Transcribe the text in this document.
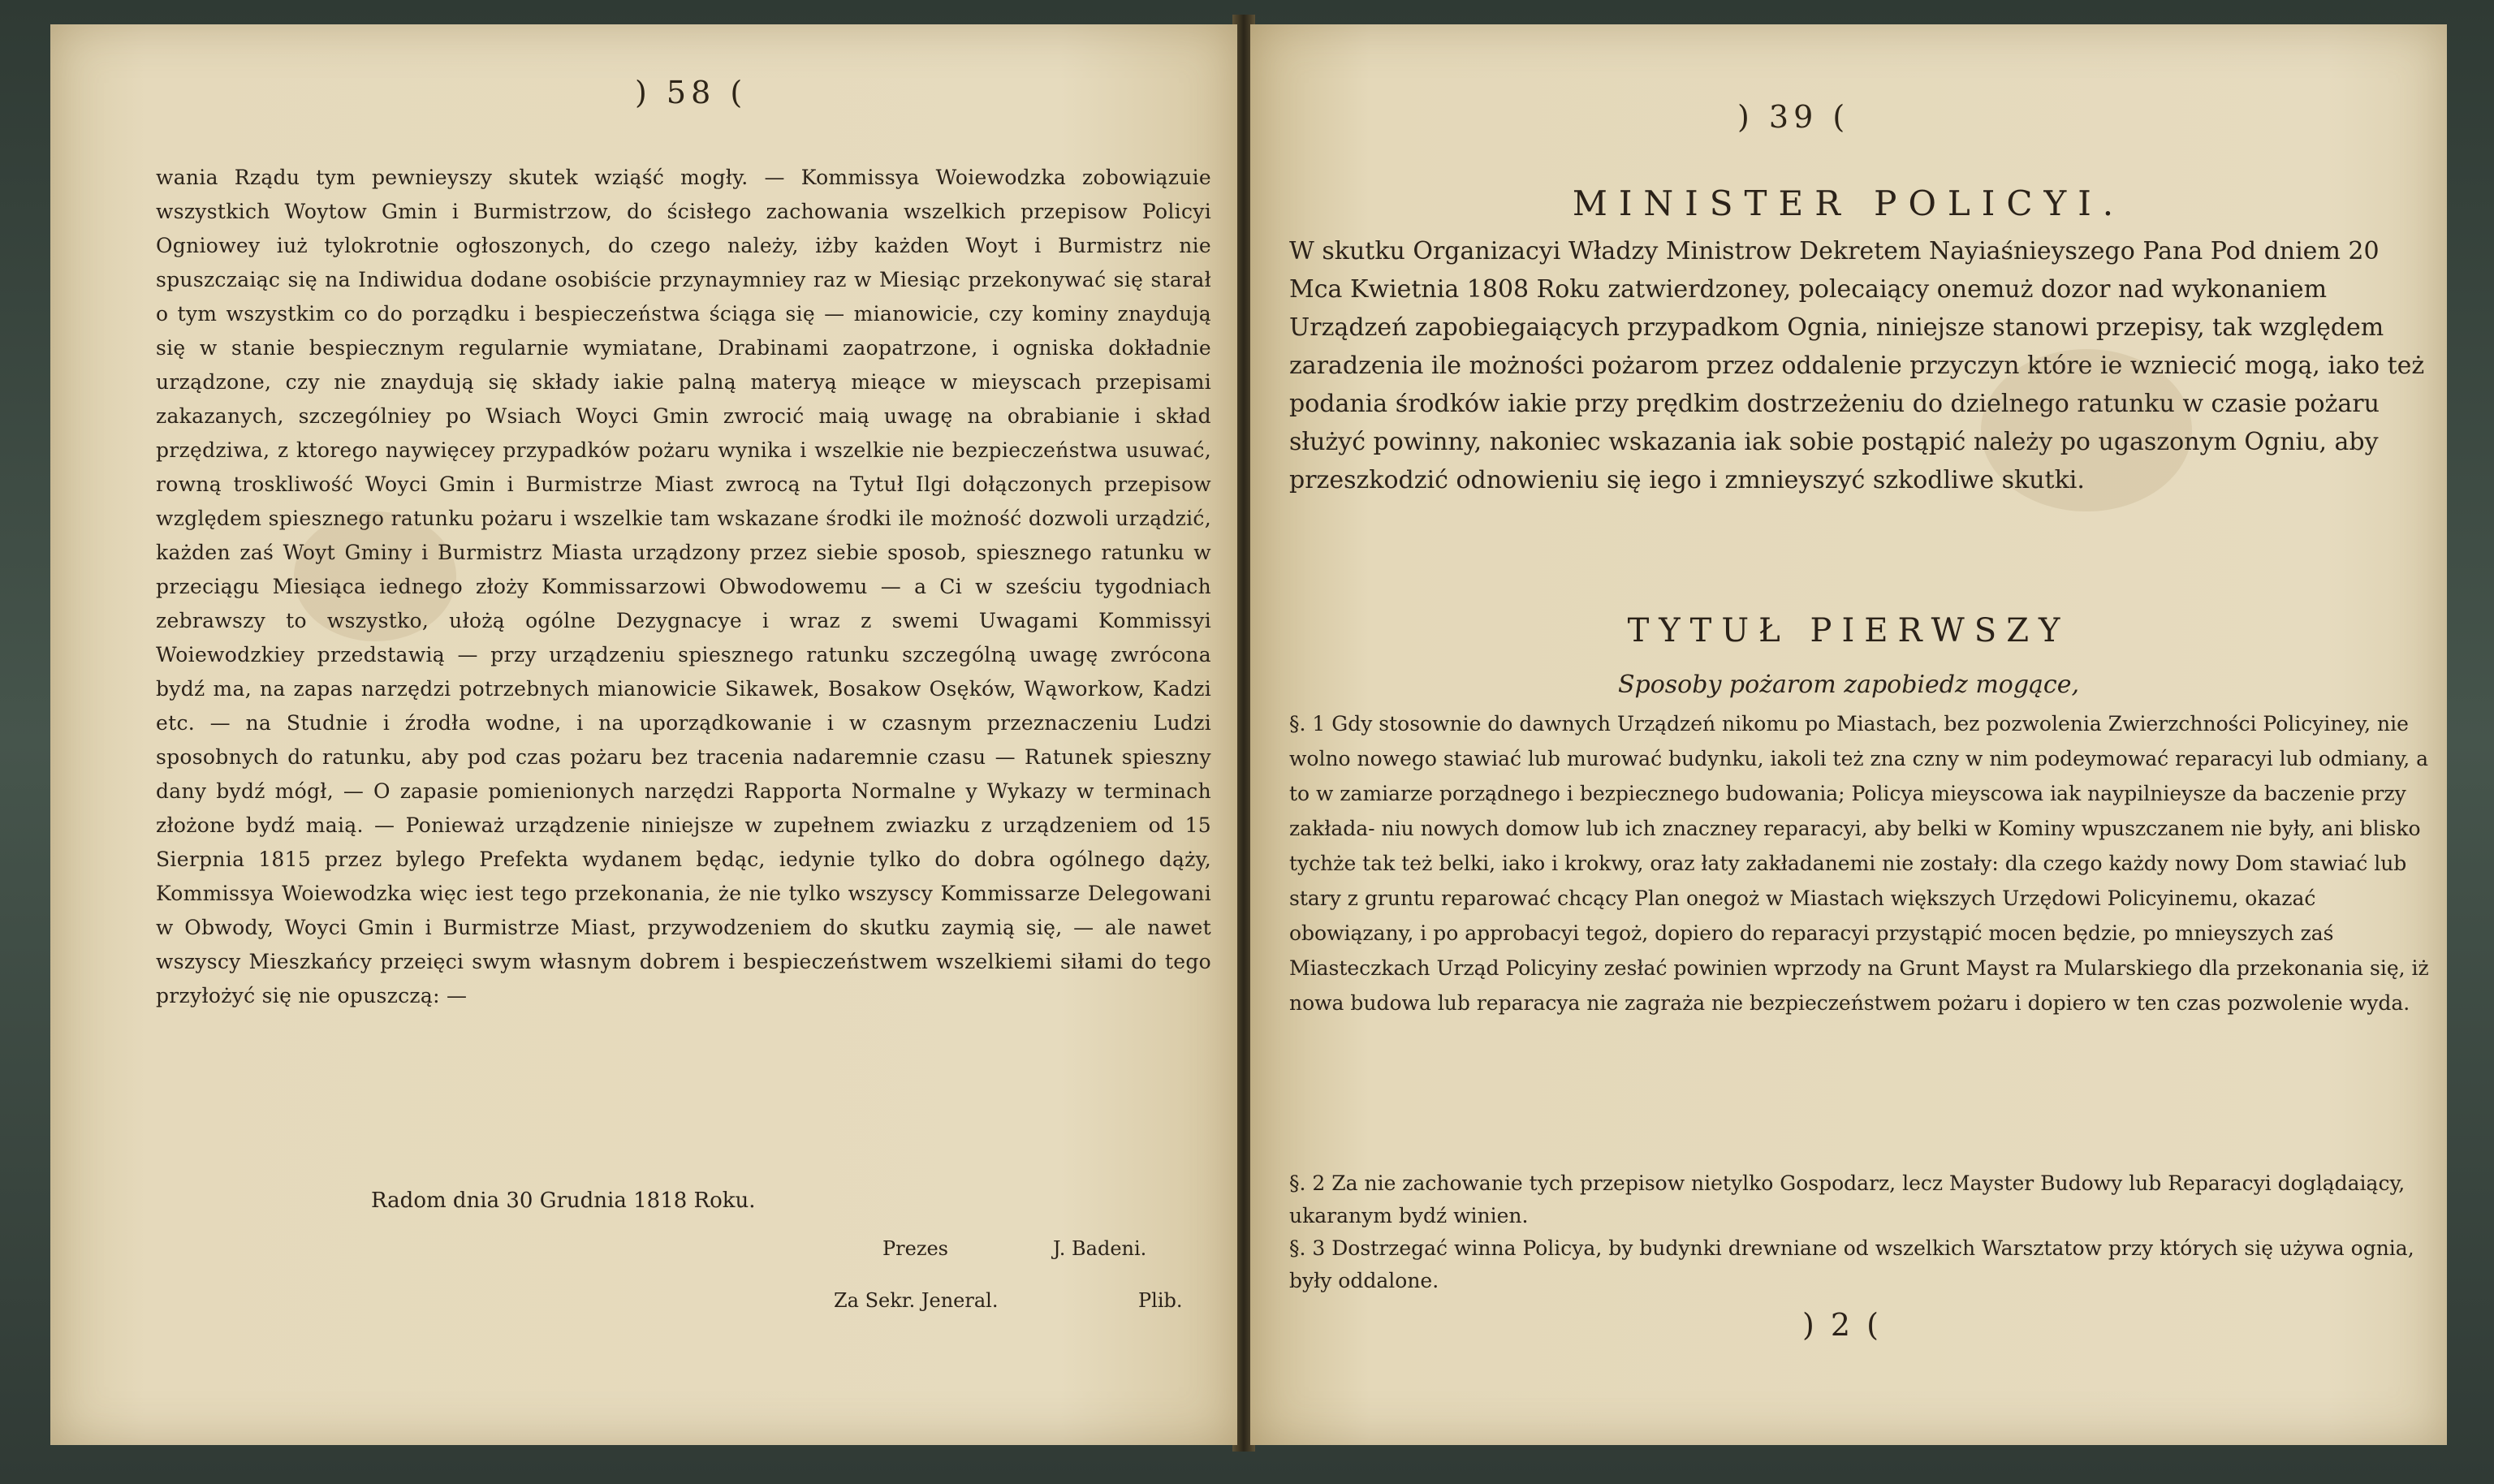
) 58 (
wania Rządu tym pewnieyszy skutek wziąść mogły. — Kommissya Woiewodzka zobowiązuie wszystkich Woytow Gmin i Burmistrzow, do ścisłego zachowania wszelkich przepisow Policyi Ogniowey iuż tylokrotnie ogłoszonych, do czego należy, iżby każden Woyt i Burmistrz nie spuszczaiąc się na Indiwidua dodane osobiście przynaymniey raz w Miesiąc przekonywać się starał o tym wszystkim co do porządku i bespieczeństwa ściąga się — mianowicie, czy kominy znaydują się w stanie bespiecznym regularnie wymiatane, Drabinami zaopatrzone, i ogniska dokładnie urządzone, czy nie znaydują się składy iakie palną materyą mieące w mieyscach przepisami zakazanych, szczególniey po Wsiach Woyci Gmin zwrocić maią uwagę na obrabianie i skład przędziwa, z ktorego naywięcey przypadków pożaru wynika i wszelkie nie bezpieczeństwa usuwać, rowną troskliwość Woyci Gmin i Burmistrze Miast zwrocą na Tytuł Ilgi dołączonych przepisow względem spiesznego ratunku pożaru i wszelkie tam wskazane środki ile możność dozwoli urządzić, każden zaś Woyt Gminy i Burmistrz Miasta urządzony przez siebie sposob, spiesznego ratunku w przeciągu Miesiąca iednego złoży Kommissarzowi Obwodowemu — a Ci w sześciu tygodniach zebrawszy to wszystko, ułożą ogólne Dezygnacye i wraz z swemi Uwagami Kommissyi Woiewodzkiey przedstawią — przy urządzeniu spiesznego ratunku szczególną uwagę zwrócona bydź ma, na zapas narzędzi potrzebnych mianowicie Sikawek, Bosakow Osęków, Wąworkow, Kadzi etc. — na Studnie i źrodła wodne, i na uporządkowanie i w czasnym przeznaczeniu Ludzi sposobnych do ratunku, aby pod czas pożaru bez tracenia nadaremnie czasu — Ratunek spieszny dany bydź mógł, — O zapasie pomienionych narzędzi Rapporta Normalne y Wykazy w terminach złożone bydź maią. — Ponieważ urządzenie niniejsze w zupełnem zwiazku z urządzeniem od 15 Sierpnia 1815 przez bylego Prefekta wydanem będąc, iedynie tylko do dobra ogólnego dąży, Kommissya Woiewodzka więc iest tego przekonania, że nie tylko wszyscy Kommissarze Delegowani w Obwody, Woyci Gmin i Burmistrze Miast, przywodzeniem do skutku zaymią się, — ale nawet wszyscy Mieszkańcy przeięci swym własnym dobrem i bespieczeństwem wszelkiemi siłami do tego przyłożyć się nie opuszczą: —
Radom dnia 30 Grudnia 1818 Roku.
Prezes	J. Badeni.
Za Sekr. Jeneral.	Plib.
) 39 (
MINISTER POLICYI.
W skutku Organizacyi Władzy Ministrow Dekretem Nayiaśnieyszego Pana Pod dniem 20 Mca Kwietnia 1808 Roku zatwierdzoney, polecaiący onemuż dozor nad wykonaniem Urządzeń zapobiegaiących przypadkom Ognia, niniejsze stanowi przepisy, tak względem zaradzenia ile możności pożarom przez oddalenie przyczyn które ie wzniecić mogą, iako też podania środków iakie przy prędkim dostrzeżeniu do dzielnego ratunku w czasie pożaru służyć powinny, nakoniec wskazania iak sobie postąpić należy po ugaszonym Ogniu, aby przeszkodzić odnowieniu się iego i zmnieyszyć szkodliwe skutki.
TYTUŁ PIERWSZY
Sposoby pożarom zapobiedz mogące,
§. 1 Gdy stosownie do dawnych Urządzeń nikomu po Miastach, bez pozwolenia Zwierzchności Policyiney, nie wolno nowego stawiać lub murować budynku, iakoli też zna czny w nim podeymować reparacyi lub odmiany, a to w zamiarze porządnego i bezpiecznego budowania; Policya mieyscowa iak naypilnieysze da baczenie przy zakłada- niu nowych domow lub ich znaczney reparacyi, aby belki w Kominy wpuszczanem nie były, ani blisko tychże tak też belki, iako i krokwy, oraz łaty zakładanemi nie zostały: dla czego każdy nowy Dom stawiać lub stary z gruntu reparować chcący Plan onegoż w Miastach większych Urzędowi Policyinemu, okazać obowiązany, i po approbacyi tegoż, dopiero do reparacyi przystąpić mocen będzie, po mnieyszych zaś Miasteczkach Urząd Policyiny zesłać powinien wprzody na Grunt Mayst ra Mularskiego dla przekonania się, iż nowa budowa lub reparacya nie zagraża nie bezpieczeństwem pożaru i dopiero w ten czas pozwolenie wyda.
§. 2 Za nie zachowanie tych przepisow nietylko Gospodarz, lecz Mayster Budowy lub Reparacyi doglądaiący, ukaranym bydź winien.
§. 3 Dostrzegać winna Policya, by budynki drewniane od wszelkich Warsztatow przy których się używa ognia, były oddalone.
) 2 (
